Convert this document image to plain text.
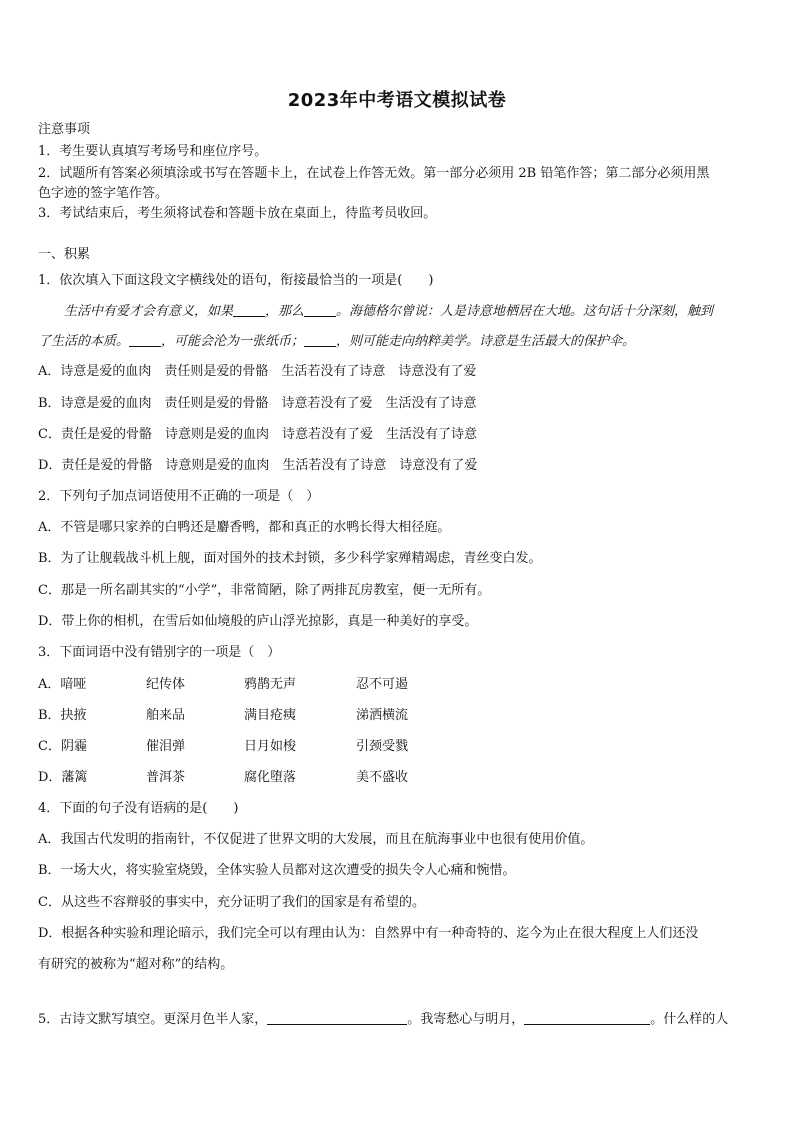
2023年中考语文模拟试卷
注意事项
1．考生要认真填写考场号和座位序号。
2．试题所有答案必须填涂或书写在答题卡上，在试卷上作答无效。第一部分必须用 2B 铅笔作答；第二部分必须用黑
色字迹的签字笔作答。
3．考试结束后，考生须将试卷和答题卡放在桌面上，待监考员收回。
一、积累
1．依次填入下面这段文字横线处的语句，衔接最恰当的一项是(　　)
生活中有爱才会有意义，如果 ，那么 。海德格尔曾说：人是诗意地栖居在大地。这句话十分深刻，触到
了生活的本质。 ，可能会沦为一张纸币； ，则可能走向纳粹美学。诗意是生活最大的保护伞。
A．诗意是爱的血肉　责任则是爱的骨骼　生活若没有了诗意　诗意没有了爱
B．诗意是爱的血肉　责任则是爱的骨骼　诗意若没有了爱　生活没有了诗意
C．责任是爱的骨骼　诗意则是爱的血肉　诗意若没有了爱　生活没有了诗意
D．责任是爱的骨骼　诗意则是爱的血肉　生活若没有了诗意　诗意没有了爱
2．下列句子加点词语使用不正确的一项是（　）
A．不管是哪只家养的白鸭还是麝香鸭，都和真正的水鸭长得大相径庭。
B．为了让舰载战斗机上舰，面对国外的技术封锁，多少科学家殚精竭虑，青丝变白发。
C．那是一所名副其实的“小学”，非常简陋，除了两排瓦房教室，便一无所有。
D．带上你的相机，在雪后如仙境般的庐山浮光掠影，真是一种美好的享受。
3．下面词语中没有错别字的一项是（　）
A．喑哑	纪传体	鸦鹊无声	忍不可遏
B．抉掖	舶来品	满目疮痍	涕洒横流
C．阴霾	催泪弹	日月如梭	引颈受戮
D．藩篱	普洱茶	腐化堕落	美不盛收
4．下面的句子没有语病的是(　　)
A．我国古代发明的指南针，不仅促进了世界文明的大发展，而且在航海事业中也很有使用价值。
B．一场大火，将实验室烧毁，全体实验人员都对这次遭受的损失令人心痛和惋惜。
C．从这些不容辩驳的事实中，充分证明了我们的国家是有希望的。
D．根据各种实验和理论暗示，我们完全可以有理由认为：自然界中有一种奇特的、迄今为止在很大程度上人们还没
有研究的被称为“超对称”的结构。
5．古诗文默写填空。更深月色半人家，	。我寄愁心与明月，	。什么样的人
